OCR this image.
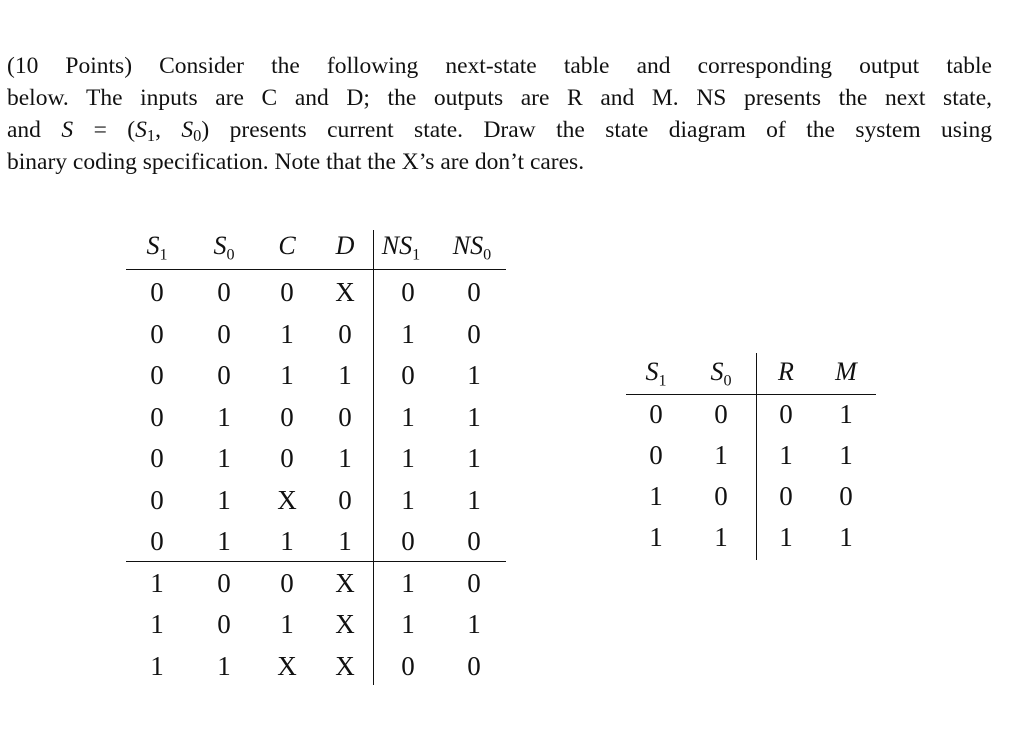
(10 Points) Consider the following next-state table and corresponding output table
below. The inputs are C and D; the outputs are R and M. NS presents the next state,
and $S = (S_1$, $S_0$) presents current state. Draw the state diagram of the system using
binary coding specification. Note that the X’s are don’t cares.
$S_1$	$S_0$	C	D	$NS_1$ $NS_0$
0	0	0	X	0	0
0	0	1	0	1	0
0	0	1	1	0	1
0	1	0	0	1	1
0	1	0	1	1	1
0	1	X	0	1	1
0	1	1	1	0	0
1	0	0	X	1	0
1	0	1	X	1	1
1	1	X	X	0	0
$S_1$	$S_0$	R	M
0	0	0	1
0	1	1	1
1	0	0	0
1	1	1	1
